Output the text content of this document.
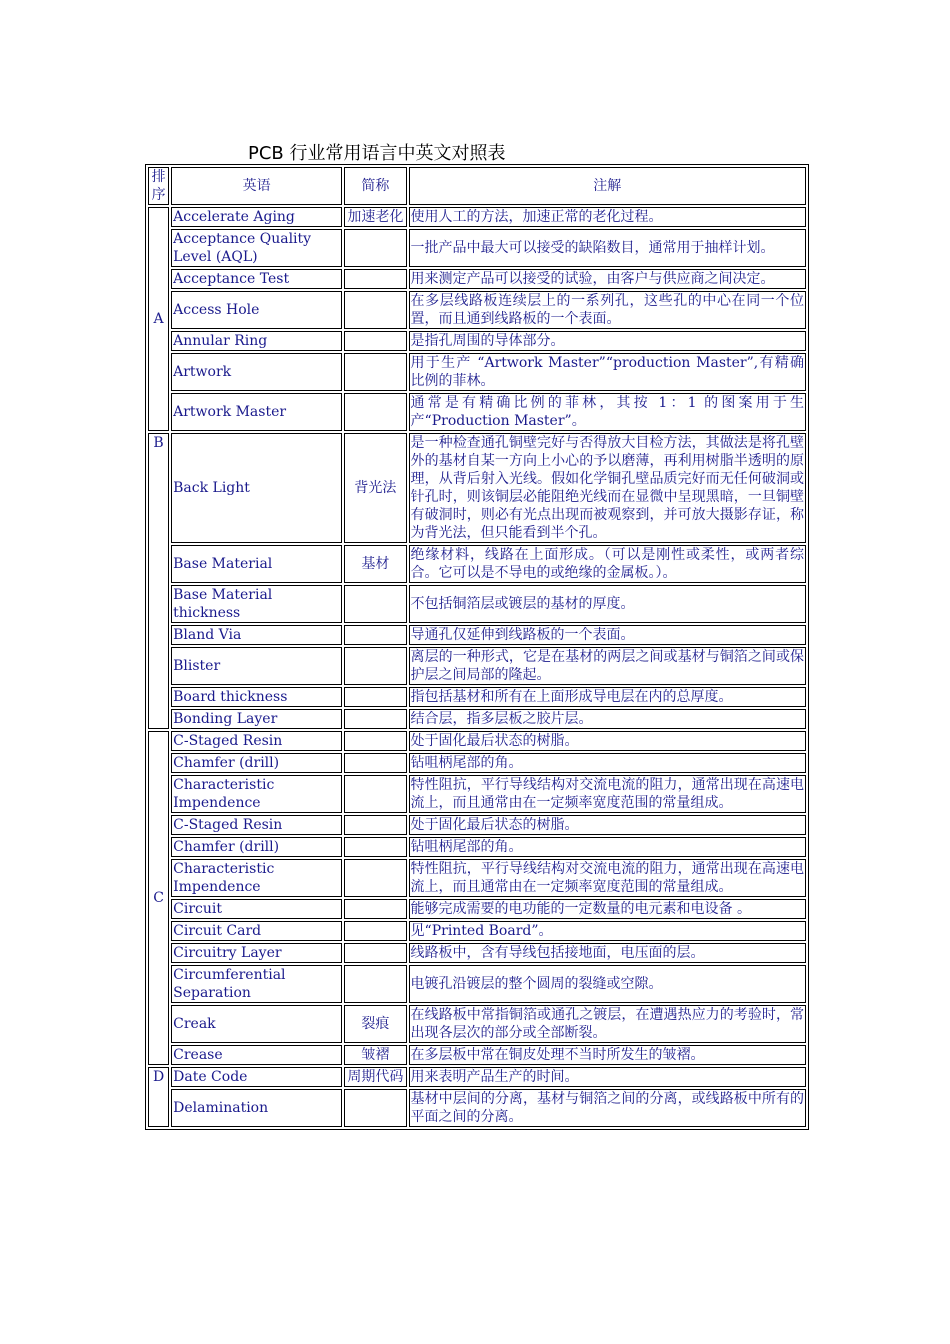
PCB 行业常用语言中英文对照表
排序	英语	简称	注解
A	Accelerate Aging	加速老化	使用人工的方法，加速正常的老化过程。
	Acceptance Quality Level (AQL)		一批产品中最大可以接受的缺陷数目，通常用于抽样计划。
	Acceptance Test		用来测定产品可以接受的试验，由客户与供应商之间决定。
	Access Hole		在多层线路板连续层上的一系列孔，这些孔的中心在同一个位置，而且通到线路板的一个表面。
	Annular Ring		是指孔周围的导体部分。
	Artwork		用于生产 “Artwork Master”“production Master”,有精确比例的菲林。
	Artwork Master		通常是有精确比例的菲林，其按 1：1 的图案用于生产“Production Master”。
B	Back Light	背光法	是一种检查通孔铜壁完好与否得放大目检方法，其做法是将孔壁外的基材自某一方向上小心的予以磨薄，再利用树脂半透明的原理，从背后射入光线。假如化学铜孔壁品质完好而无任何破洞或针孔时，则该铜层必能阻绝光线而在显微中呈现黑暗，一旦铜壁有破洞时，则必有光点出现而被观察到，并可放大摄影存证，称为背光法，但只能看到半个孔。
	Base Material	基材	绝缘材料，线路在上面形成。（可以是刚性或柔性，或两者综合。它可以是不导电的或绝缘的金属板。）。
	Base Material thickness		不包括铜箔层或镀层的基材的厚度。
	Bland Via		导通孔仅延伸到线路板的一个表面。
	Blister		离层的一种形式，它是在基材的两层之间或基材与铜箔之间或保护层之间局部的隆起。
	Board thickness		指包括基材和所有在上面形成导电层在内的总厚度。
	Bonding Layer		结合层，指多层板之胶片层。
C	C-Staged Resin		处于固化最后状态的树脂。
	Chamfer (drill)		钻咀柄尾部的角。
	Characteristic Impendence		特性阻抗，平行导线结构对交流电流的阻力，通常出现在高速电流上，而且通常由在一定频率宽度范围的常量组成。
	C-Staged Resin		处于固化最后状态的树脂。
	Chamfer (drill)		钻咀柄尾部的角。
	Characteristic Impendence		特性阻抗，平行导线结构对交流电流的阻力，通常出现在高速电流上，而且通常由在一定频率宽度范围的常量组成。
	Circuit		能够完成需要的电功能的一定数量的电元素和电设备 。
	Circuit Card		见“Printed Board”。
	Circuitry Layer		线路板中，含有导线包括接地面，电压面的层。
	Circumferential Separation		电镀孔沿镀层的整个圆周的裂缝或空隙。
	Creak	裂痕	在线路板中常指铜箔或通孔之镀层，在遭遇热应力的考验时，常出现各层次的部分或全部断裂。
	Crease	皱褶	在多层板中常在铜皮处理不当时所发生的皱褶。
D	Date Code	周期代码	用来表明产品生产的时间。
	Delamination		基材中层间的分离，基材与铜箔之间的分离，或线路板中所有的平面之间的分离。
